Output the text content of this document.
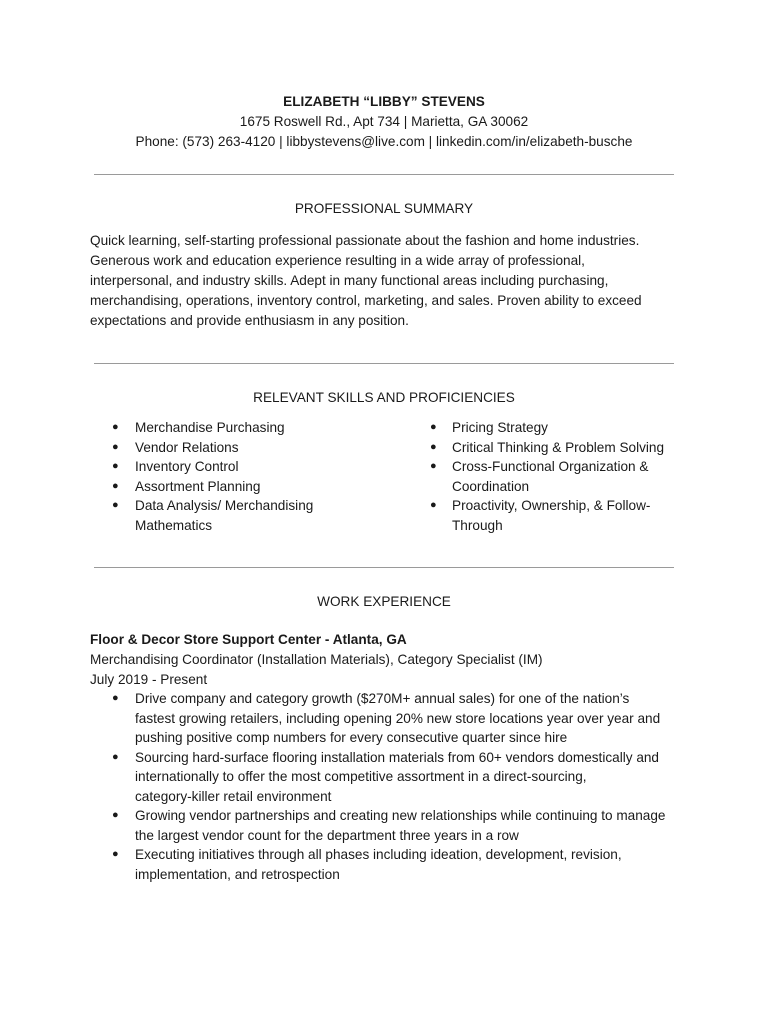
ELIZABETH “LIBBY” STEVENS
1675 Roswell Rd., Apt 734 | Marietta, GA 30062
Phone: (573) 263-4120 | libbystevens@live.com | linkedin.com/in/elizabeth-busche
PROFESSIONAL SUMMARY
Quick learning, self-starting professional passionate about the fashion and home industries.
Generous work and education experience resulting in a wide array of professional,
interpersonal, and industry skills. Adept in many functional areas including purchasing,
merchandising, operations, inventory control, marketing, and sales. Proven ability to exceed
expectations and provide enthusiasm in any position.
RELEVANT SKILLS AND PROFICIENCIES
● Merchandise Purchasing
● Vendor Relations
● Inventory Control
● Assortment Planning
● Data Analysis/ Merchandising
Mathematics
● Pricing Strategy
● Critical Thinking & Problem Solving
● Cross-Functional Organization &
Coordination
● Proactivity, Ownership, & Follow-
Through
WORK EXPERIENCE
Floor & Decor Store Support Center - Atlanta, GA
Merchandising Coordinator (Installation Materials), Category Specialist (IM)
July 2019 - Present
● Drive company and category growth ($270M+ annual sales) for one of the nation’s
fastest growing retailers, including opening 20% new store locations year over year and
pushing positive comp numbers for every consecutive quarter since hire
● Sourcing hard-surface flooring installation materials from 60+ vendors domestically and
internationally to offer the most competitive assortment in a direct-sourcing,
category-killer retail environment
● Growing vendor partnerships and creating new relationships while continuing to manage
the largest vendor count for the department three years in a row
● Executing initiatives through all phases including ideation, development, revision,
implementation, and retrospection
